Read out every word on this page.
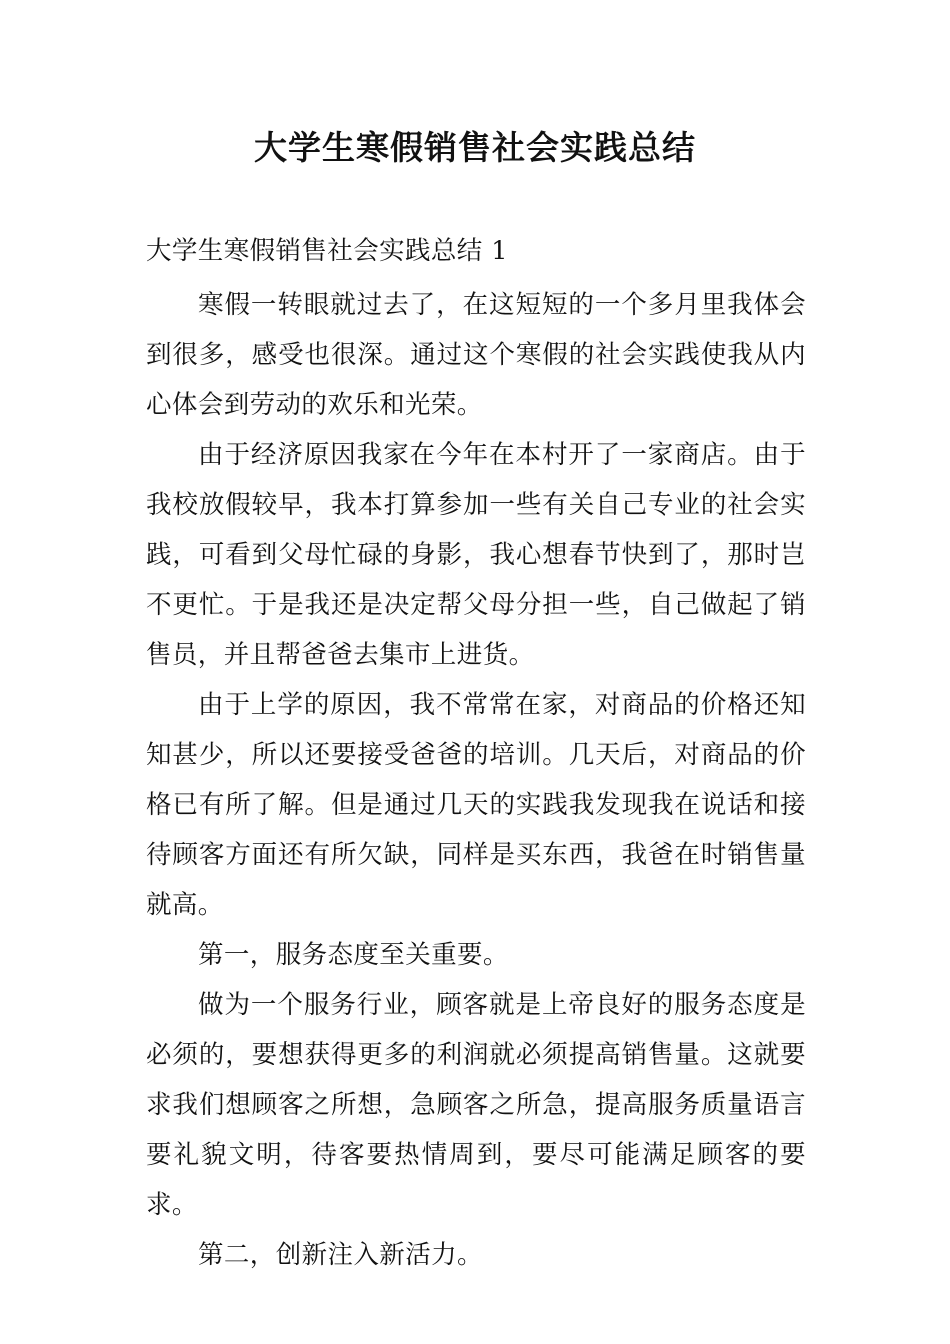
大学生寒假销售社会实践总结

大学生寒假销售社会实践总结 1

寒假一转眼就过去了，在这短短的一个多月里我体会到很多，感受也很深。通过这个寒假的社会实践使我从内心体会到劳动的欢乐和光荣。

由于经济原因我家在今年在本村开了一家商店。由于我校放假较早，我本打算参加一些有关自己专业的社会实践，可看到父母忙碌的身影，我心想春节快到了，那时岂不更忙。于是我还是决定帮父母分担一些，自己做起了销售员，并且帮爸爸去集市上进货。

由于上学的原因，我不常常在家，对商品的价格还知知甚少，所以还要接受爸爸的培训。几天后，对商品的价格已有所了解。但是通过几天的实践我发现我在说话和接待顾客方面还有所欠缺，同样是买东西，我爸在时销售量就高。

第一，服务态度至关重要。

做为一个服务行业，顾客就是上帝良好的服务态度是必须的，要想获得更多的利润就必须提高销售量。这就要求我们想顾客之所想，急顾客之所急，提高服务质量语言要礼貌文明，待客要热情周到，要尽可能满足顾客的要求。

第二，创新注入新活力。
